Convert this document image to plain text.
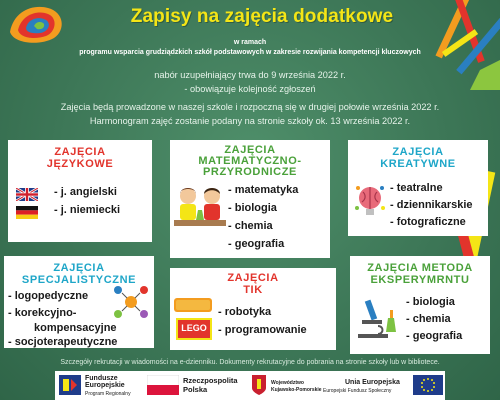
Zapisy na zajęcia dodatkowe
w ramach
programu wsparcia grudziądzkich szkół podstawowych w zakresie rozwijania kompetencji kluczowych
nabór uzupełniający trwa do 9 września 2022 r.
- obowiązuje kolejność zgłoszeń
Zajęcia będą prowadzone w naszej szkole i rozpoczną się w drugiej połowie września 2022 r.
Harmonogram zajęć zostanie podany na stronie szkoły ok. 13 września 2022 r.
ZAJĘCIA
JĘZYKOWE
- j. angielski
- j. niemiecki
ZAJĘCIA
MATEMATYCZNO-
PRZYRODNICZE
- matematyka
- biologia
- chemia
- geografia
ZAJĘCIA
KREATYWNE
- teatralne
- dziennikarskie
- fotograficzne
ZAJĘCIA
SPECJALISTYCZNE
- logopedyczne
- korekcyjno-
kompensacyjne
- socjoterapeutyczne
ZAJĘCIA
TIK
LEGO
- robotyka
- programowanie
ZAJĘCIA METODA
EKSPERYMRNTU
- biologia
- chemia
- geografia
Szczegóły rekrutacji w wiadomości na e-dzienniku. Dokumenty rekrutacyjne do pobrania na stronie szkoły lub w bibliotece.
Fundusze
Europejskie
Program Regionalny
Rzeczpospolita
Polska
Województwo
Kujawsko-Pomorskie
Unia Europejska
Europejski Fundusz Społeczny
